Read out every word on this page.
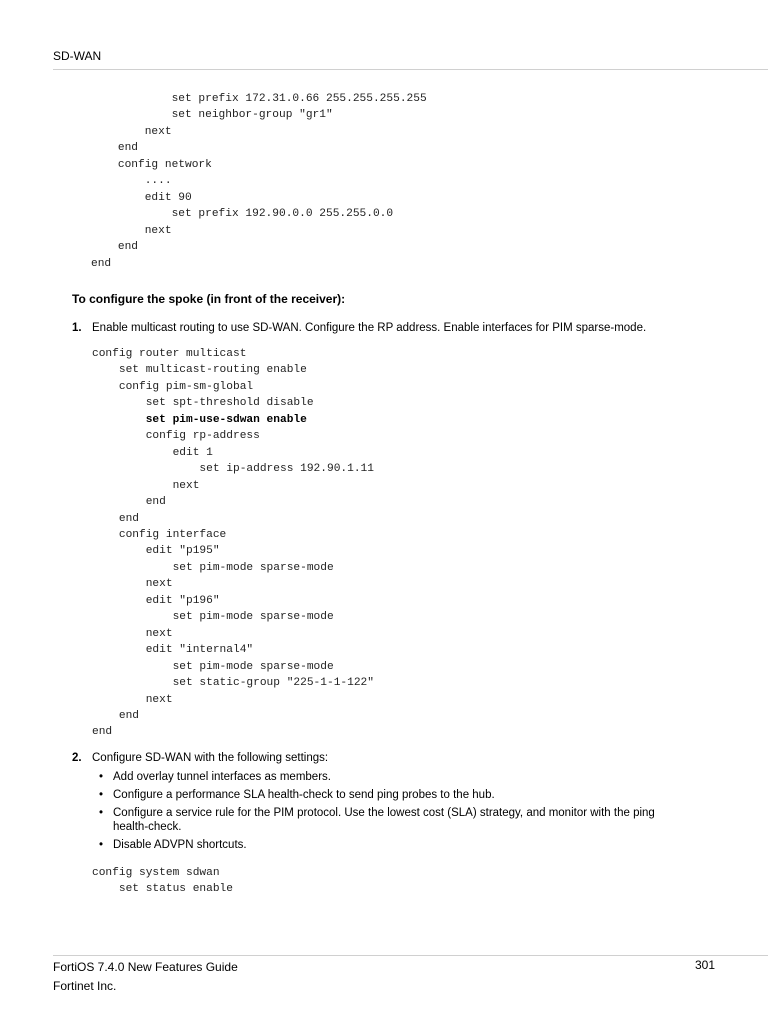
SD-WAN
set prefix 172.31.0.66 255.255.255.255
set neighbor-group "gr1"
next
end
config network
....
edit 90
set prefix 192.90.0.0 255.255.0.0
next
end
end
To configure the spoke (in front of the receiver):
1. Enable multicast routing to use SD-WAN. Configure the RP address. Enable interfaces for PIM sparse-mode.
config router multicast
set multicast-routing enable
config pim-sm-global
set spt-threshold disable
set pim-use-sdwan enable
config rp-address
edit 1
set ip-address 192.90.1.11
next
end
end
config interface
edit "p195"
set pim-mode sparse-mode
next
edit "p196"
set pim-mode sparse-mode
next
edit "internal4"
set pim-mode sparse-mode
set static-group "225-1-1-122"
next
end
end
2. Configure SD-WAN with the following settings:
• Add overlay tunnel interfaces as members.
• Configure a performance SLA health-check to send ping probes to the hub.
• Configure a service rule for the PIM protocol. Use the lowest cost (SLA) strategy, and monitor with the ping health-check.
• Disable ADVPN shortcuts.
config system sdwan
set status enable
FortiOS 7.4.0 New Features Guide
Fortinet Inc.
301
